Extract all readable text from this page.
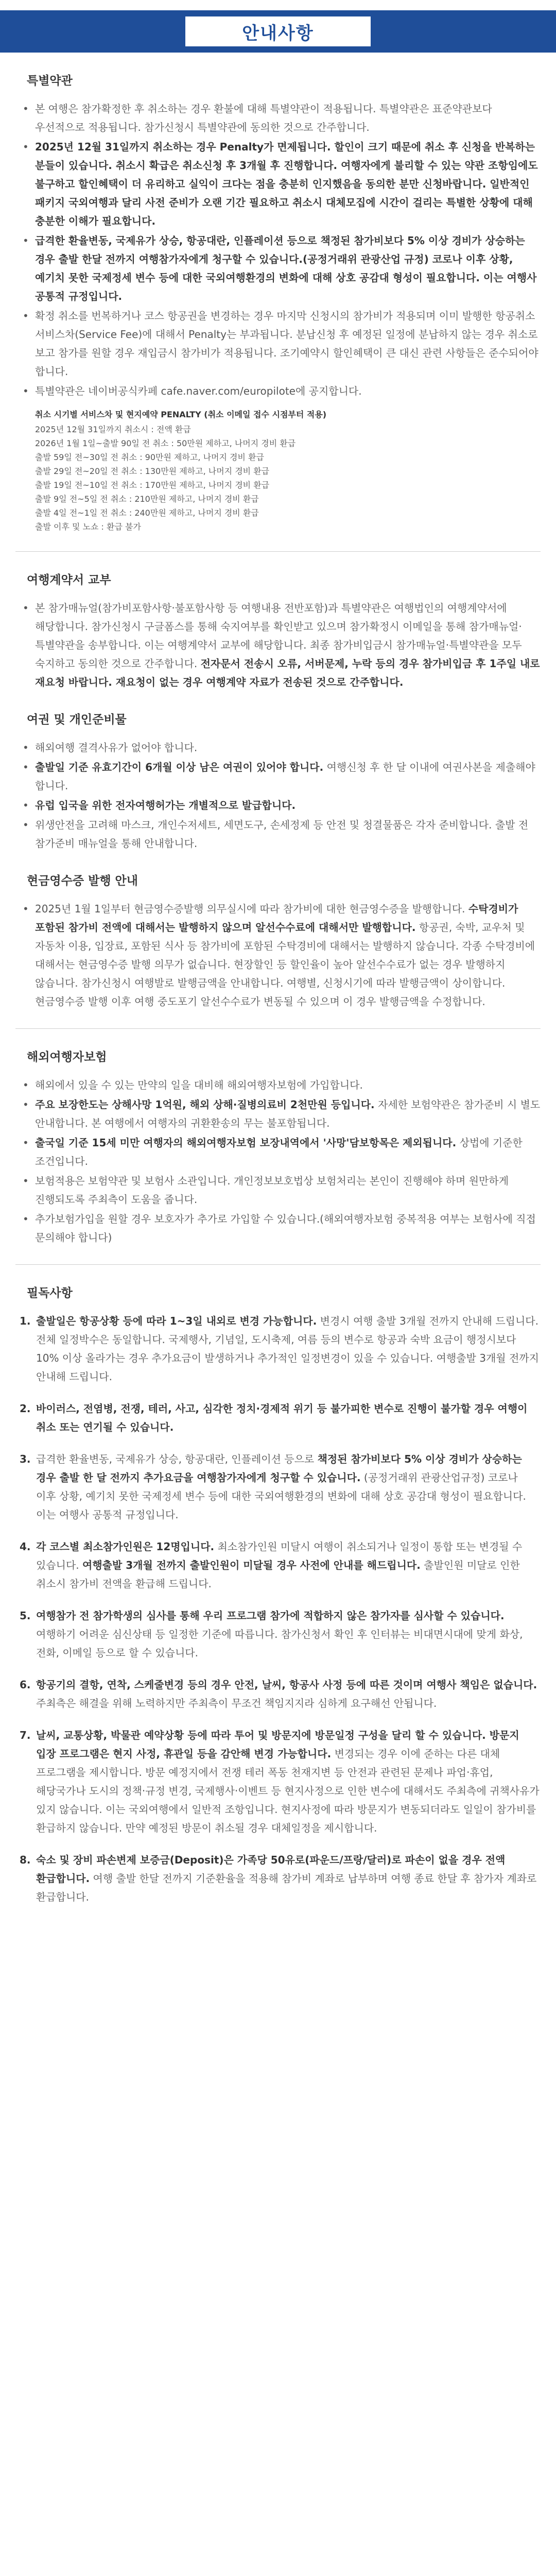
안내사항
특별약관
• 본 여행은 참가확정한 후 취소하는 경우 환불에 대해 특별약관이 적용됩니다. 특별약관은 표준약관보다 우선적으로 적용됩니다. 참가신청시 특별약관에 동의한 것으로 간주합니다.
• 2025년 12월 31일까지 취소하는 경우 Penalty가 면제됩니다. 할인이 크기 때문에 취소 후 신청을 반복하는 분들이 있습니다. 취소시 확급은 취소신청 후 3개월 후 진행합니다. 여행자에게 불리할 수 있는 약관 조항임에도 불구하고 할인혜택이 더 유리하고 실익이 크다는 점을 충분히 인지했음을 동의한 분만 신청바랍니다. 일반적인 패키지 국외여행과 달리 사전 준비가 오랜 기간 필요하고 취소시 대체모집에 시간이 걸리는 특별한 상황에 대해 충분한 이해가 필요합니다.
• 급격한 환율변동, 국제유가 상승, 항공대란, 인플레이션 등으로 책정된 참가비보다 5% 이상 경비가 상승하는 경우 출발 한달 전까지 여행참가자에게 청구할 수 있습니다.(공정거래위 관광산업 규정) 코로나 이후 상황, 예기치 못한 국제정세 변수 등에 대한 국외여행환경의 변화에 대해 상호 공감대 형성이 필요합니다. 이는 여행사 공통적 규정입니다.
• 확정 취소를 번복하거나 코스 항공권을 변경하는 경우 마지막 신청시의 참가비가 적용되며 이미 발행한 항공취소 서비스차(Service Fee)에 대해서 Penalty는 부과됩니다. 분납신청 후 예정된 일정에 분납하지 않는 경우 취소로 보고 참가를 원할 경우 재입금시 참가비가 적용됩니다. 조기예약시 할인혜택이 큰 대신 관련 사항들은 준수되어야 합니다.
• 특별약관은 네이버공식카페 cafe.naver.com/europilote에 공지합니다.
취소 시기별 서비스차 및 현지예약 PENALTY (취소 이메일 접수 시점부터 적용)
2025년 12월 31일까지 취소시 : 전액 환급
2026년 1월 1일~출발 90일 전 취소 : 50만원 제하고, 나머지 경비 환급
출발 59일 전~30일 전 취소 : 90만원 제하고, 나머지 경비 환급
출발 29일 전~20일 전 취소 : 130만원 제하고, 나머지 경비 환급
출발 19일 전~10일 전 취소 : 170만원 제하고, 나머지 경비 환급
출발 9일 전~5일 전 취소 : 210만원 제하고, 나머지 경비 환급
출발 4일 전~1일 전 취소 : 240만원 제하고, 나머지 경비 환급
출발 이후 및 노쇼 : 환급 불가
여행계약서 교부
• 본 참가매뉴얼(참가비포함사항·불포함사항 등 여행내용 전반포함)과 특별약관은 여행법인의 여행계약서에 해당합니다. 참가신청시 구글폼스를 통해 숙지여부를 확인받고 있으며 참가확정시 이메일을 통해 참가매뉴얼·특별약관을 송부합니다. 이는 여행계약서 교부에 해당합니다. 최종 참가비입금시 참가매뉴얼·특별약관을 모두 숙지하고 동의한 것으로 간주합니다. 전자문서 전송시 오류, 서버문제, 누락 등의 경우 참가비입금 후 1주일 내로 재요청 바랍니다. 재요청이 없는 경우 여행계약 자료가 전송된 것으로 간주합니다.
여권 및 개인준비물
• 해외여행 결격사유가 없어야 합니다.
• 출발일 기준 유효기간이 6개월 이상 남은 여권이 있어야 합니다. 여행신청 후 한 달 이내에 여권사본을 제출해야 합니다.
• 유럽 입국을 위한 전자여행허가는 개별적으로 발급합니다.
• 위생안전을 고려해 마스크, 개인수저세트, 세면도구, 손세정제 등 안전 및 청결물품은 각자 준비합니다. 출발 전 참가준비 매뉴얼을 통해 안내합니다.
현금영수증 발행 안내
• 2025년 1월 1일부터 현금영수증발행 의무실시에 따라 참가비에 대한 현금영수증을 발행합니다. 수탁경비가 포함된 참가비 전액에 대해서는 발행하지 않으며 알선수수료에 대해서만 발행합니다. 항공권, 숙박, 교우처 및 자동차 이용, 입장료, 포함된 식사 등 참가비에 포함된 수탁경비에 대해서는 발행하지 않습니다. 각종 수탁경비에 대해서는 현금영수증 발행 의무가 없습니다. 현장할인 등 할인율이 높아 알선수수료가 없는 경우 발행하지 않습니다. 참가신청시 여행발로 발행금액을 안내합니다. 여행별, 신청시기에 따라 발행금액이 상이합니다. 현금영수증 발행 이후 여행 중도포기 알선수수료가 변동될 수 있으며 이 경우 발행금액을 수정합니다.
해외여행자보험
• 해외에서 있을 수 있는 만약의 일을 대비해 해외여행자보험에 가입합니다.
• 주요 보장한도는 상해사망 1억원, 해외 상해·질병의료비 2천만원 등입니다. 자세한 보험약관은 참가준비 시 별도 안내합니다. 본 여행에서 여행자의 귀환환송의 무는 불포함됩니다.
• 출국일 기준 15세 미만 여행자의 해외여행자보험 보장내역에서 '사망'담보항목은 제외됩니다. 상법에 기준한 조건입니다.
• 보험적용은 보험약관 및 보험사 소관입니다. 개인정보보호법상 보험처리는 본인이 진행해야 하며 원만하게 진행되도록 주최측이 도움을 줍니다.
• 추가보험가입을 원할 경우 보호자가 추가로 가입할 수 있습니다.(해외여행자보험 중복적용 여부는 보험사에 직접 문의해야 합니다)
필독사항
1. 출발일은 항공상황 등에 따라 1~3일 내외로 변경 가능합니다. 변경시 여행 출발 3개월 전까지 안내해 드립니다. 전체 일정박수은 동일합니다. 국제행사, 기념일, 도시축제, 여름 등의 변수로 항공과 숙박 요금이 행정시보다 10% 이상 올라가는 경우 추가요금이 발생하거나 추가적인 일정변경이 있을 수 있습니다. 여행출발 3개월 전까지 안내해 드립니다.
2. 바이러스, 전염병, 전쟁, 테러, 사고, 심각한 정치·경제적 위기 등 불가피한 변수로 진행이 불가할 경우 여행이 취소 또는 연기될 수 있습니다.
3. 급격한 환율변동, 국제유가 상승, 항공대란, 인플레이션 등으로 책정된 참가비보다 5% 이상 경비가 상승하는 경우 출발 한 달 전까지 추가요금을 여행참가자에게 청구할 수 있습니다. (공정거래위 관광산업규정) 코로나 이후 상황, 예기치 못한 국제정세 변수 등에 대한 국외여행환경의 변화에 대해 상호 공감대 형성이 필요합니다. 이는 여행사 공통적 규정입니다.
4. 각 코스별 최소참가인원은 12명입니다. 최소참가인원 미달시 여행이 취소되거나 일정이 통합 또는 변경될 수 있습니다. 여행출발 3개월 전까지 출발인원이 미달될 경우 사전에 안내를 해드립니다. 출발인원 미달로 인한 취소시 참가비 전액을 환급해 드립니다.
5. 여행참가 전 참가학생의 심사를 통해 우리 프로그램 참가에 적합하지 않은 참가자를 심사할 수 있습니다. 여행하기 어려운 심신상태 등 일정한 기준에 따릅니다. 참가신청서 확인 후 인터뷰는 비대면시대에 맞게 화상, 전화, 이메일 등으로 할 수 있습니다.
6. 항공기의 결항, 연착, 스케줄변경 등의 경우 안전, 날씨, 항공사 사정 등에 따른 것이며 여행사 책임은 없습니다. 주최측은 해결을 위해 노력하지만 주최측이 무조건 책임지지라 심하게 요구해선 안됩니다.
7. 날씨, 교통상황, 박물관 예약상황 등에 따라 투어 및 방문지에 방문일정 구성을 달리 할 수 있습니다. 방문지 입장 프로그램은 현지 사정, 휴관일 등을 감안해 변경 가능합니다. 변경되는 경우 이에 준하는 다른 대체 프로그램을 제시합니다. 방문 예정지에서 전쟁 테러 폭동 천재지변 등 안전과 관련된 문제나 파업·휴업, 해당국가나 도시의 정책·규정 변경, 국제행사·이벤트 등 현지사정으로 인한 변수에 대해서도 주최측에 귀책사유가 있지 않습니다. 이는 국외여행에서 일반적 조항입니다. 현지사정에 따라 방문지가 변동되더라도 일일이 참가비를 환급하지 않습니다. 만약 예정된 방문이 취소될 경우 대체일정을 제시합니다.
8. 숙소 및 장비 파손변제 보증금(Deposit)은 가족당 50유로(파운드/프랑/달러)로 파손이 없을 경우 전액 환급합니다. 여행 출발 한달 전까지 기준환율을 적용해 참가비 계좌로 납부하며 여행 종료 한달 후 참가자 계좌로 환급합니다.
